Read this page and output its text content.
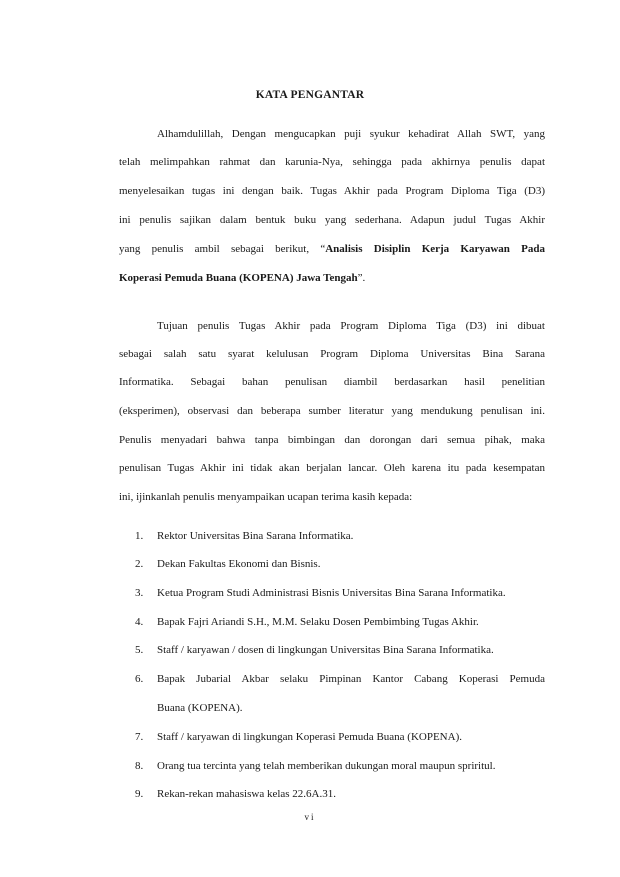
KATA PENGANTAR
Alhamdulillah, Dengan mengucapkan puji syukur kehadirat Allah SWT, yang
telah melimpahkan rahmat dan karunia-Nya, sehingga pada akhirnya penulis dapat
menyelesaikan tugas ini dengan baik. Tugas Akhir pada Program Diploma Tiga (D3)
ini penulis sajikan dalam bentuk buku yang sederhana. Adapun judul Tugas Akhir
yang penulis ambil sebagai berikut, “Analisis Disiplin Kerja Karyawan Pada
Koperasi Pemuda Buana (KOPENA) Jawa Tengah”.
Tujuan penulis Tugas Akhir pada Program Diploma Tiga (D3) ini dibuat
sebagai salah satu syarat kelulusan Program Diploma Universitas Bina Sarana
Informatika. Sebagai bahan penulisan diambil berdasarkan hasil penelitian
(eksperimen), observasi dan beberapa sumber literatur yang mendukung penulisan ini.
Penulis menyadari bahwa tanpa bimbingan dan dorongan dari semua pihak, maka
penulisan Tugas Akhir ini tidak akan berjalan lancar. Oleh karena itu pada kesempatan
ini, ijinkanlah penulis menyampaikan ucapan terima kasih kepada:
1. Rektor Universitas Bina Sarana Informatika.
2. Dekan Fakultas Ekonomi dan Bisnis.
3. Ketua Program Studi Administrasi Bisnis Universitas Bina Sarana Informatika.
4. Bapak Fajri Ariandi S.H., M.M. Selaku Dosen Pembimbing Tugas Akhir.
5. Staff / karyawan / dosen di lingkungan Universitas Bina Sarana Informatika.
6. Bapak Jubarial Akbar selaku Pimpinan Kantor Cabang Koperasi Pemuda
Buana (KOPENA).
7. Staff / karyawan di lingkungan Koperasi Pemuda Buana (KOPENA).
8. Orang tua tercinta yang telah memberikan dukungan moral maupun spriritul.
9. Rekan-rekan mahasiswa kelas 22.6A.31.
vi
